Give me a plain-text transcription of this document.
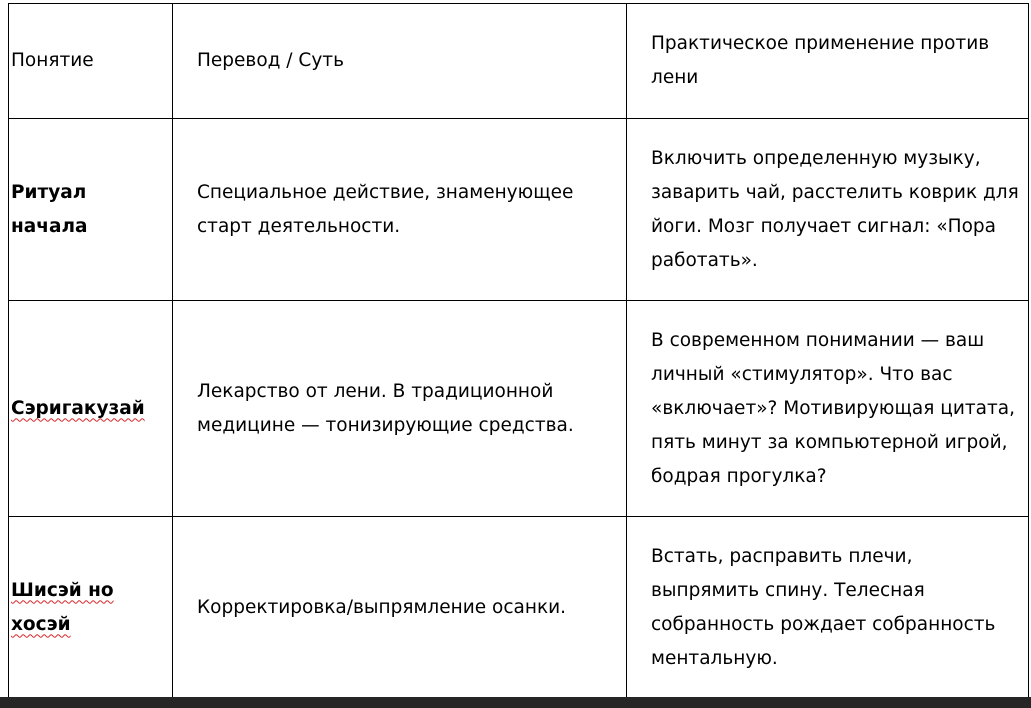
Понятие	Перевод / Суть	Практическое применение против лени
Ритуал начала	Специальное действие, знаменующее старт деятельности.	Включить определенную музыку, заварить чай, расстелить коврик для йоги. Мозг получает сигнал: «Пора работать».
Сэригакузай	Лекарство от лени. В традиционной медицине — тонизирующие средства.	В современном понимании — ваш личный «стимулятор». Что вас «включает»? Мотивирующая цитата, пять минут за компьютерной игрой, бодрая прогулка?
Шисэй но хосэй	Корректировка/выпрямление осанки.	Встать, расправить плечи, выпрямить спину. Телесная собранность рождает собранность ментальную.
